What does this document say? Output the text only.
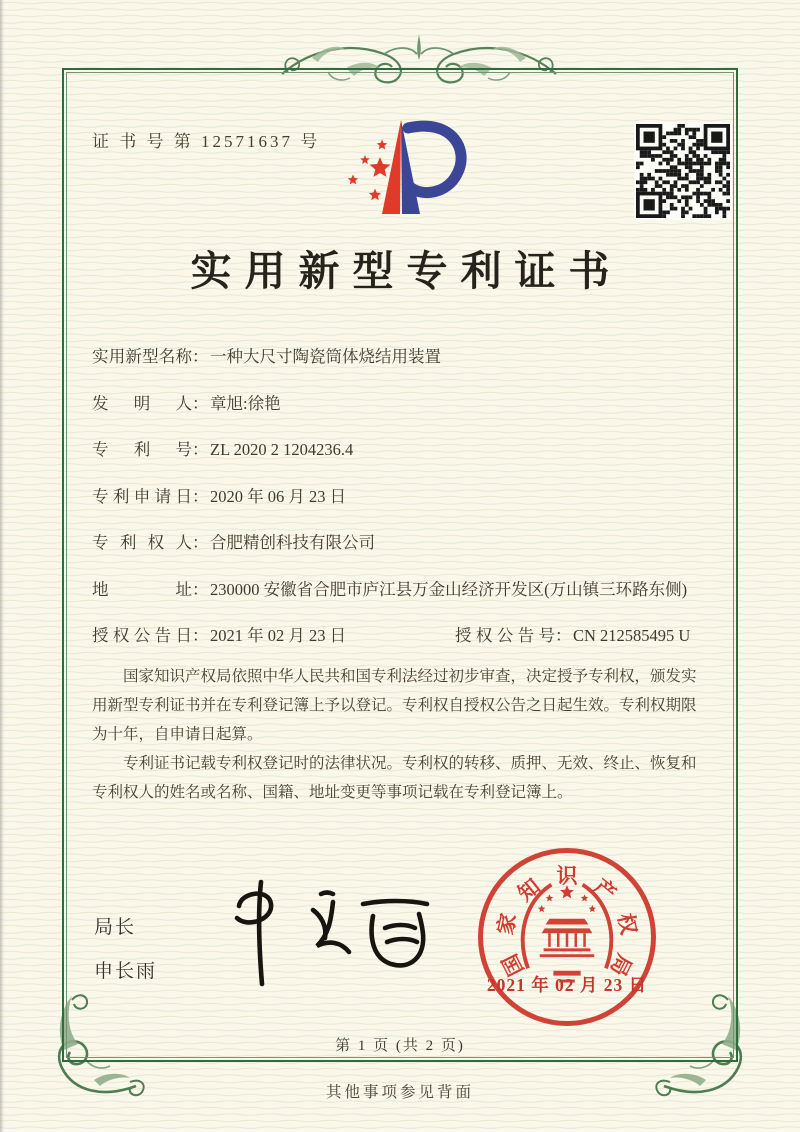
证 书 号 第 12571637 号
实用新型专利证书
实用新型名称 ： 一种大尺寸陶瓷筒体烧结用装置
发明人 ： 章旭:徐艳
专利号 ： ZL 2020 2 1204236.4
专利申请日 ： 2020 年 06 月 23 日
专利权人 ： 合肥精创科技有限公司
地址 ： 230000 安徽省合肥市庐江县万金山经济开发区(万山镇三环路东侧)
授权公告日 ： 2021 年 02 月 23 日	授权公告号 ： CN 212585495 U

国家知识产权局依照中华人民共和国专利法经过初步审查，决定授予专利权，颁发实用新型专利证书并在专利登记簿上予以登记。专利权自授权公告之日起生效。专利权期限为十年，自申请日起算。

专利证书记载专利权登记时的法律状况。专利权的转移、质押、无效、终止、恢复和专利权人的姓名或名称、国籍、地址变更等事项记载在专利登记簿上。

局长
申长雨	国
家
知 识 产
权
局
2021 年 02 月 23 日
第 1 页 (共 2 页)
其他事项参见背面
